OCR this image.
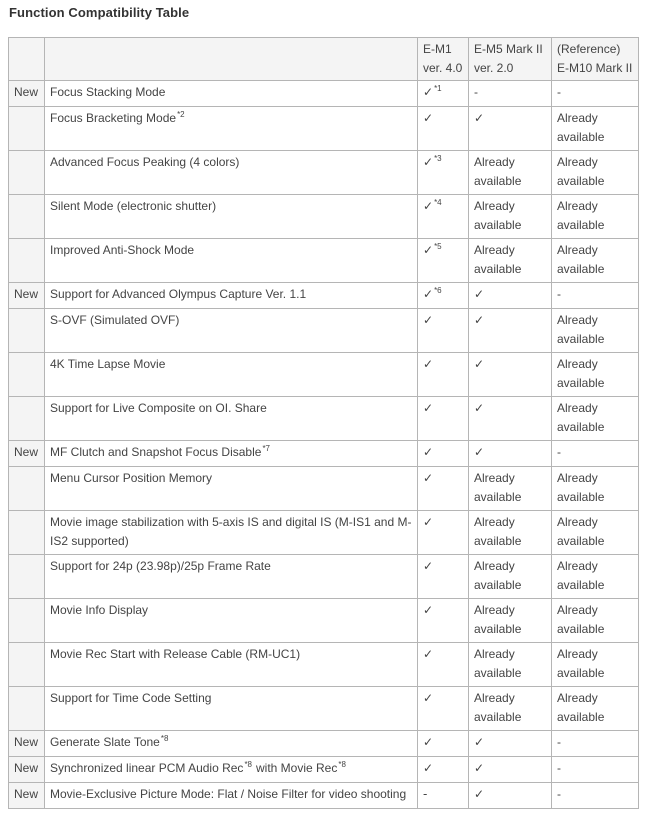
Function Compatibility Table
		E-M1
ver. 4.0	E-M5 Mark II
ver. 2.0	(Reference)
E-M10 Mark II
New	Focus Stacking Mode	✓$^{*1}$	-	-
	Focus Bracketing Mode$^{*2}$	✓	✓	Already
available
	Advanced Focus Peaking (4 colors)	✓$^{*3}$	Already
available	Already
available
	Silent Mode (electronic shutter)	✓$^{*4}$	Already
available	Already
available
	Improved Anti-Shock Mode	✓$^{*5}$	Already
available	Already
available
New	Support for Advanced Olympus Capture Ver. 1.1	✓$^{*6}$	✓	-
	S-OVF (Simulated OVF)	✓	✓	Already
available
	4K Time Lapse Movie	✓	✓	Already
available
	Support for Live Composite on OI. Share	✓	✓	Already
available
New	MF Clutch and Snapshot Focus Disable$^{*7}$	✓	✓	-
	Menu Cursor Position Memory	✓	Already
available	Already
available
	Movie image stabilization with 5-axis IS and digital IS (M-IS1 and M-IS2 supported)	✓	Already
available	Already
available
	Support for 24p (23.98p)/25p Frame Rate	✓	Already
available	Already
available
	Movie Info Display	✓	Already
available	Already
available
	Movie Rec Start with Release Cable (RM-UC1)	✓	Already
available	Already
available
	Support for Time Code Setting	✓	Already
available	Already
available
New	Generate Slate Tone$^{*8}$	✓	✓	-
New	Synchronized linear PCM Audio Rec$^{*8}$ with Movie Rec$^{*8}$	✓	✓	-
New	Movie-Exclusive Picture Mode: Flat / Noise Filter for video shooting	-	✓	-
